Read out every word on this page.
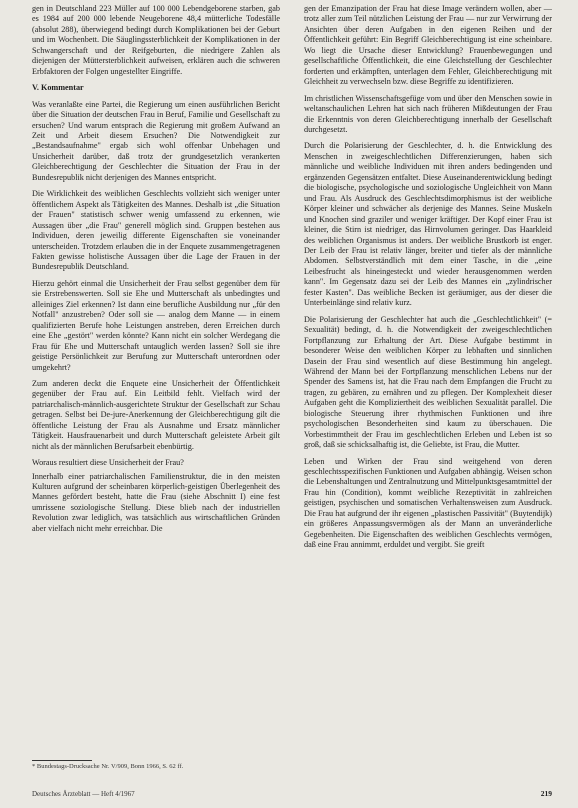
gen in Deutschland 223 Müller auf 100 000 Lebendgeborene starben, gab es 1984 auf 200 000 lebende Neugeborene 48,4 mütterliche Todesfälle (absolut 288), überwiegend bedingt durch Komplikationen bei der Geburt und im Wochenbett. Die Säuglingssterblichkeit der Komplikationen in der Schwangerschaft und der Reifgeburten, die niedrigere Zahlen als diejenigen der Müttersterblichkeit aufweisen, erklären auch die schweren Erbfaktoren der Folgen ungestellter Eingriffe.

V. Kommentar

Was veranlaßte eine Partei, die Regierung um einen ausführlichen Bericht über die Situation der deutschen Frau in Beruf, Familie und Gesellschaft zu ersuchen? Und warum entsprach die Regierung mit großem Aufwand an Zeit und Arbeit diesem Ersuchen? Die Notwendigkeit zur „Bestandsaufnahme" ergab sich wohl offenbar Unbehagen und Unsicherheit darüber, daß trotz der grundgesetzlich verankerten Gleichberechtigung der Geschlechter die Situation der Frau in der Bundesrepublik nicht derjenigen des Mannes entspricht.

Die Wirklichkeit des weiblichen Geschlechts vollzieht sich weniger unter öffentlichem Aspekt als Tätigkeiten des Mannes. Deshalb ist „die Situation der Frauen" statistisch schwer wenig umfassend zu erkennen, wie Aussagen über „die Frau" generell möglich sind. Gruppen bestehen aus Individuen, deren jeweilig differente Eigenschaften sie voneinander unterscheiden. Trotzdem erlauben die in der Enquete zusammengetragenen Fakten gewisse holistische Aussagen über die Lage der Frauen in der Bundesrepublik Deutschland.

Hierzu gehört einmal die Unsicherheit der Frau selbst gegenüber dem für sie Erstrebenswerten. Soll sie Ehe und Mutterschaft als unbedingtes und alleiniges Ziel erkennen? Ist dann eine berufliche Ausbildung nur „für den Notfall" anzustreben? Oder soll sie — analog dem Manne — in einem qualifizierten Berufe hohe Leistungen anstreben, deren Erreichen durch eine Ehe „gestört" werden könnte? Kann nicht ein solcher Werdegang die Frau für Ehe und Mutterschaft untauglich werden lassen? Soll sie ihre geistige Persönlichkeit zur Berufung zur Mutterschaft unterordnen oder umgekehrt?

Zum anderen deckt die Enquete eine Unsicherheit der Öffentlichkeit gegenüber der Frau auf. Ein Leitbild fehlt. Vielfach wird der patriarchalisch-männlich-ausgerichtete Struktur der Gesellschaft zur Schau getragen. Selbst bei De-jure-Anerkennung der Gleichberechtigung gilt die öffentliche Leistung der Frau als Ausnahme und Ersatz männlicher Tätigkeit. Hausfrauenarbeit und durch Mutterschaft geleistete Arbeit gilt nicht als der männlichen Berufsarbeit ebenbürtig.

Woraus resultiert diese Unsicherheit der Frau?

Innerhalb einer patriarchalischen Familienstruktur, die in den meisten Kulturen aufgrund der scheinbaren körperlich-geistigen Überlegenheit des Mannes gefördert besteht, hatte die Frau (siehe Abschnitt I) eine fest umrissene soziologische Stellung. Diese blieb nach der industriellen Revolution zwar lediglich, was tatsächlich aus wirtschaftlichen Gründen aber vielfach nicht mehr erreichbar. Die

gen der Emanzipation der Frau hat diese Image verändern wollen, aber — trotz aller zum Teil nützlichen Leistung der Frau — nur zur Verwirrung der Ansichten über deren Aufgaben in den eigenen Reihen und der Öffentlichkeit geführt: Ein Begriff Gleichberechtigung ist eine scheinbare. Wo liegt die Ursache dieser Entwicklung? Frauenbewegungen und gesellschaftliche Öffentlichkeit, die eine Gleichstellung der Geschlechter forderten und erkämpften, unterlagen dem Fehler, Gleichberechtigung mit Gleichheit zu verwechseln bzw. diese Begriffe zu identifizieren.

Im christlichen Wissenschaftsgefüge vom und über den Menschen sowie in weltanschaulichen Lehren hat sich nach früheren Mißdeutungen der Frau die Erkenntnis von deren Gleichberechtigung innerhalb der Gesellschaft durchgesetzt.

Durch die Polarisierung der Geschlechter, d. h. die Entwicklung des Menschen in zweigeschlechtlichen Differenzierungen, haben sich männliche und weibliche Individuen mit ihren anders bedingenden und ergänzenden Gegensätzen entfaltet. Diese Auseinanderentwicklung bedingt die biologische, psychologische und soziologische Ungleichheit von Mann und Frau. Als Ausdruck des Geschlechtsdimorphismus ist der weibliche Körper kleiner und schwächer als derjenige des Mannes. Seine Muskeln und Knochen sind graziler und weniger kräftiger. Der Kopf einer Frau ist kleiner, die Stirn ist niedriger, das Hirnvolumen geringer. Das Haarkleid des weiblichen Organismus ist anders. Der weibliche Brustkorb ist enger. Der Leib der Frau ist relativ länger, breiter und tiefer als der männliche Abdomen. Selbstverständlich mit dem einer Tasche, in die „eine Leibesfrucht als hineingesteckt und wieder herausgenommen werden kann". Im Gegensatz dazu sei der Leib des Mannes ein „zylindrischer fester Kasten". Das weibliche Becken ist geräumiger, aus der dieser die Unterbeinlänge sind relativ kurz.

Die Polarisierung der Geschlechter hat auch die „Geschlechtlichkeit" (= Sexualität) bedingt, d. h. die Notwendigkeit der zweigeschlechtlichen Fortpflanzung zur Erhaltung der Art. Diese Aufgabe bestimmt in besonderer Weise den weiblichen Körper zu lebhaften und sinnlichen Dasein der Frau sind wesentlich auf diese Bestimmung hin angelegt. Während der Mann bei der Fortpflanzung menschlichen Lebens nur der Spender des Samens ist, hat die Frau nach dem Empfangen die Frucht zu tragen, zu gebären, zu ernähren und zu pflegen. Der Komplexheit dieser Aufgaben geht die Kompliziertheit des weiblichen Sexualität parallel. Die biologische Steuerung ihrer rhythmischen Funktionen und ihre psychologischen Besonderheiten sind kaum zu überschauen. Die Vorbestimmtheit der Frau im geschlechtlichen Erleben und Leben ist so groß, daß sie schicksalhaftig ist, die Geliebte, ist Frau, die Mutter.

Leben und Wirken der Frau sind weitgehend von deren geschlechtsspezifischen Funktionen und Aufgaben abhängig. Weisen schon die Lebenshaltungen und Zentralnutzung und Mittelpunktsgesamtmittel der Frau hin (Condition), kommt weibliche Rezeptivität in zahlreichen geistigen, psychischen und somatischen Verhaltensweisen zum Ausdruck. Die Frau hat aufgrund der ihr eigenen „plastischen Passivität" (Buytendijk) ein größeres Anpassungsvermögen als der Mann an unveränderliche Gegebenheiten. Die Eigenschaften des weiblichen Geschlechts vermögen, daß eine Frau annimmt, erduldet und vergibt. Sie greift

* Bundestags-Drucksache Nr. V/909, Bonn 1966, S. 62 ff.
Deutsches Ärzteblatt — Heft 4/1967	219
